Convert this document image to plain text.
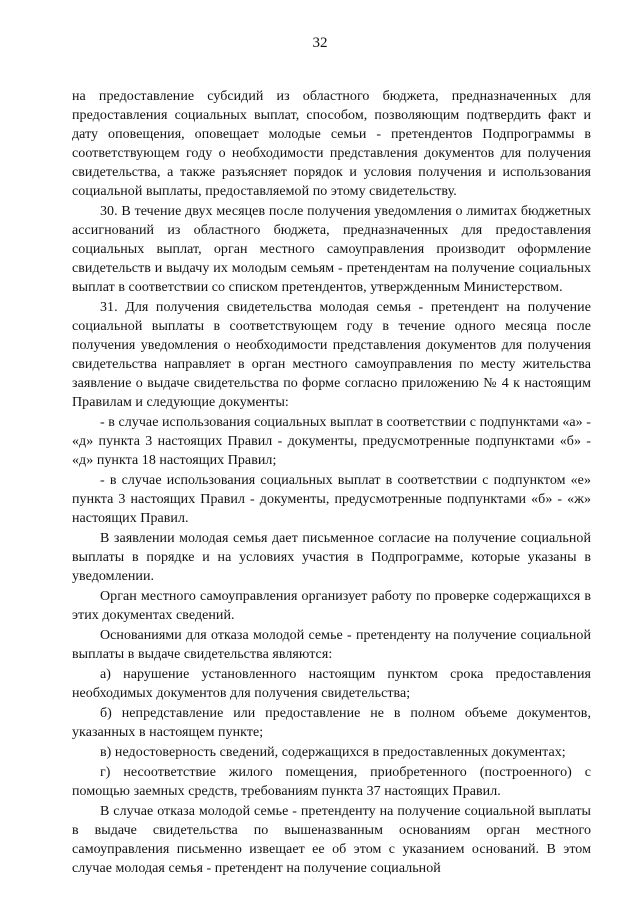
32

на предоставление субсидий из областного бюджета, предназначенных для предоставления социальных выплат, способом, позволяющим подтвердить факт и дату оповещения, оповещает молодые семьи - претендентов Подпрограммы в соответствующем году о необходимости представления документов для получения свидетельства, а также разъясняет порядок и условия получения и использования социальной выплаты, предоставляемой по этому свидетельству.

30. В течение двух месяцев после получения уведомления о лимитах бюджетных ассигнований из областного бюджета, предназначенных для предоставления социальных выплат, орган местного самоуправления производит оформление свидетельств и выдачу их молодым семьям - претендентам на получение социальных выплат в соответствии со списком претендентов, утвержденным Министерством.

31. Для получения свидетельства молодая семья - претендент на получение социальной выплаты в соответствующем году в течение одного месяца после получения уведомления о необходимости представления документов для получения свидетельства направляет в орган местного самоуправления по месту жительства заявление о выдаче свидетельства по форме согласно приложению № 4 к настоящим Правилам и следующие документы:

- в случае использования социальных выплат в соответствии с подпунктами «а» - «д» пункта 3 настоящих Правил - документы, предусмотренные подпунктами «б» - «д» пункта 18 настоящих Правил;

- в случае использования социальных выплат в соответствии с подпунктом «е» пункта 3 настоящих Правил - документы, предусмотренные подпунктами «б» - «ж» настоящих Правил.

В заявлении молодая семья дает письменное согласие на получение социальной выплаты в порядке и на условиях участия в Подпрограмме, которые указаны в уведомлении.

Орган местного самоуправления организует работу по проверке содержащихся в этих документах сведений.

Основаниями для отказа молодой семье - претенденту на получение социальной выплаты в выдаче свидетельства являются:

а) нарушение установленного настоящим пунктом срока предоставления необходимых документов для получения свидетельства;

б) непредставление или предоставление не в полном объеме документов, указанных в настоящем пункте;

в) недостоверность сведений, содержащихся в предоставленных документах;

г) несоответствие жилого помещения, приобретенного (построенного) с помощью заемных средств, требованиям пункта 37 настоящих Правил.

В случае отказа молодой семье - претенденту на получение социальной выплаты в выдаче свидетельства по вышеназванным основаниям орган местного самоуправления письменно извещает ее об этом с указанием оснований. В этом случае молодая семья - претендент на получение социальной

· · · ·
